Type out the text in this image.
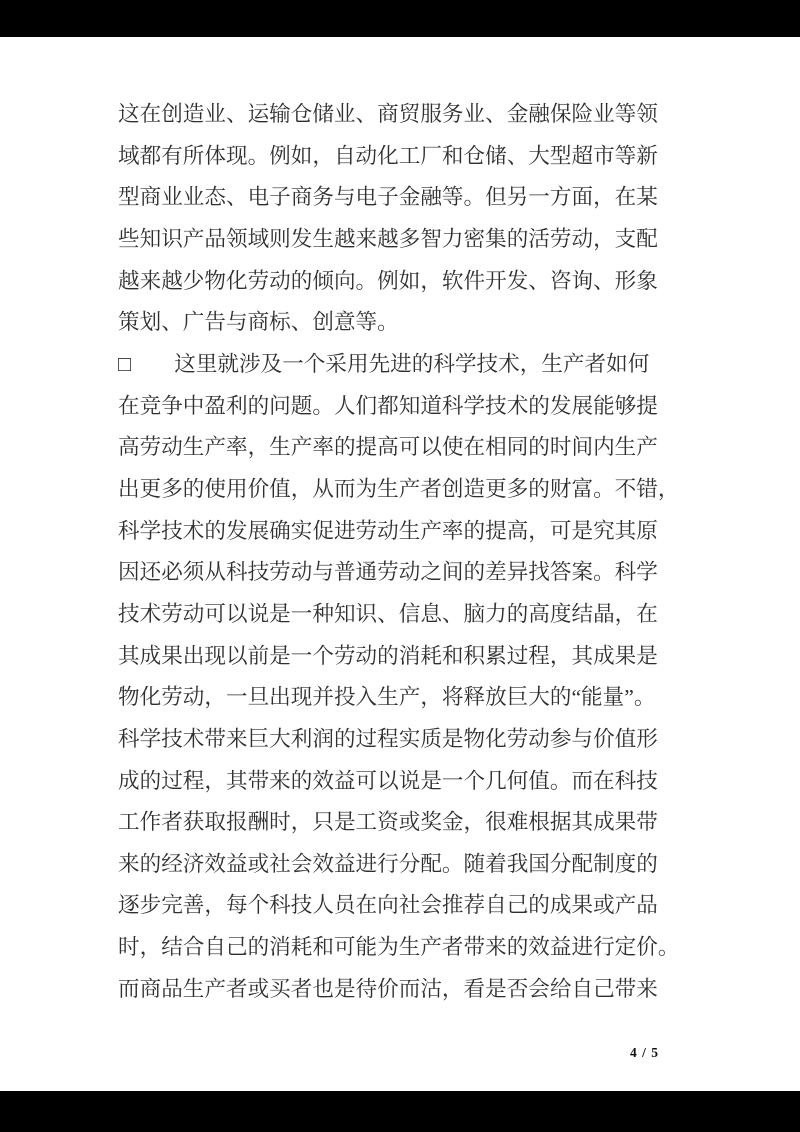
这在创造业、运输仓储业、商贸服务业、金融保险业等领
域都有所体现。例如，自动化工厂和仓储、大型超市等新
型商业业态、电子商务与电子金融等。但另一方面，在某
些知识产品领域则发生越来越多智力密集的活劳动，支配
越来越少物化劳动的倾向。例如，软件开发、咨询、形象
策划、广告与商标、创意等。
□　　这里就涉及一个采用先进的科学技术，生产者如何
在竞争中盈利的问题。人们都知道科学技术的发展能够提
高劳动生产率，生产率的提高可以使在相同的时间内生产
出更多的使用价值，从而为生产者创造更多的财富。不错，
科学技术的发展确实促进劳动生产率的提高，可是究其原
因还必须从科技劳动与普通劳动之间的差异找答案。科学
技术劳动可以说是一种知识、信息、脑力的高度结晶，在
其成果出现以前是一个劳动的消耗和积累过程，其成果是
物化劳动，一旦出现并投入生产，将释放巨大的“能量”。
科学技术带来巨大利润的过程实质是物化劳动参与价值形
成的过程，其带来的效益可以说是一个几何值。而在科技
工作者获取报酬时，只是工资或奖金，很难根据其成果带
来的经济效益或社会效益进行分配。随着我国分配制度的
逐步完善，每个科技人员在向社会推荐自己的成果或产品
时，结合自己的消耗和可能为生产者带来的效益进行定价。
而商品生产者或买者也是待价而沽，看是否会给自己带来
4 / 5
